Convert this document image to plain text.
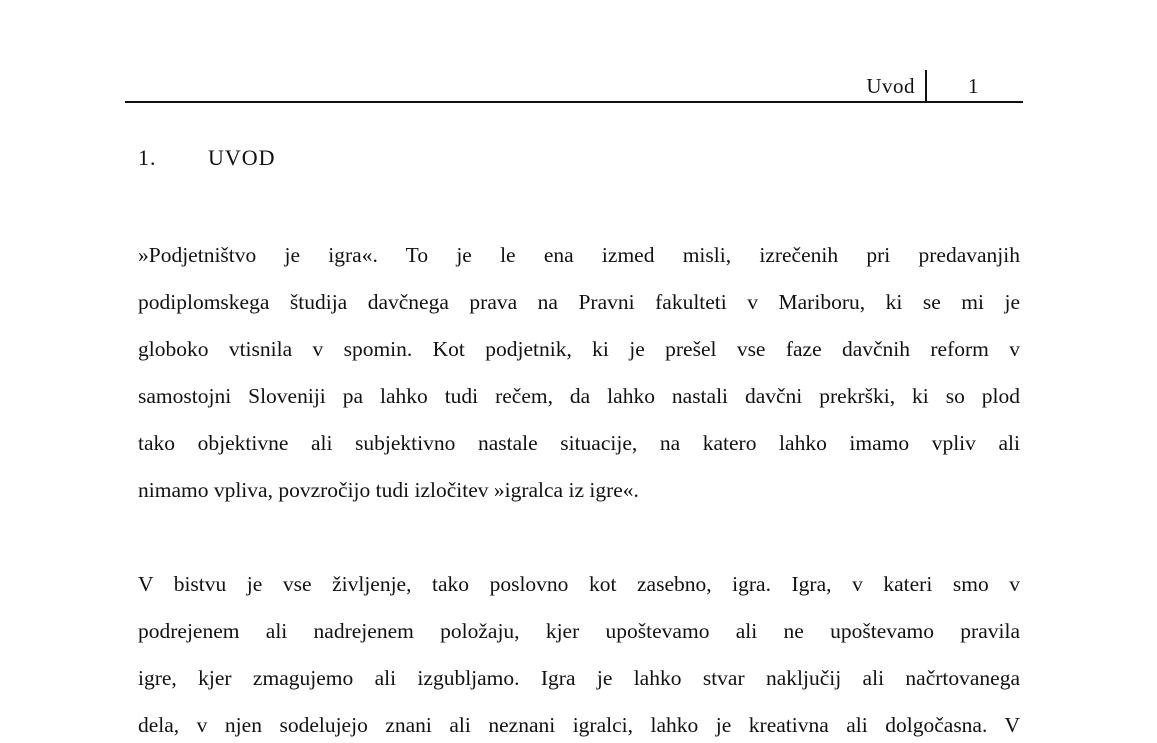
Uvod	1
1. UVOD
»Podjetništvo je igra«. To je le ena izmed misli, izrečenih pri predavanjih
podiplomskega študija davčnega prava na Pravni fakulteti v Mariboru, ki se mi je
globoko vtisnila v spomin. Kot podjetnik, ki je prešel vse faze davčnih reform v
samostojni Sloveniji pa lahko tudi rečem, da lahko nastali davčni prekrški, ki so plod
tako objektivne ali subjektivno nastale situacije, na katero lahko imamo vpliv ali
nimamo vpliva, povzročijo tudi izločitev »igralca iz igre«.
V bistvu je vse življenje, tako poslovno kot zasebno, igra. Igra, v kateri smo v
podrejenem ali nadrejenem položaju, kjer upoštevamo ali ne upoštevamo pravila
igre, kjer zmagujemo ali izgubljamo. Igra je lahko stvar naključij ali načrtovanega
dela, v njen sodelujejo znani ali neznani igralci, lahko je kreativna ali dolgočasna. V
